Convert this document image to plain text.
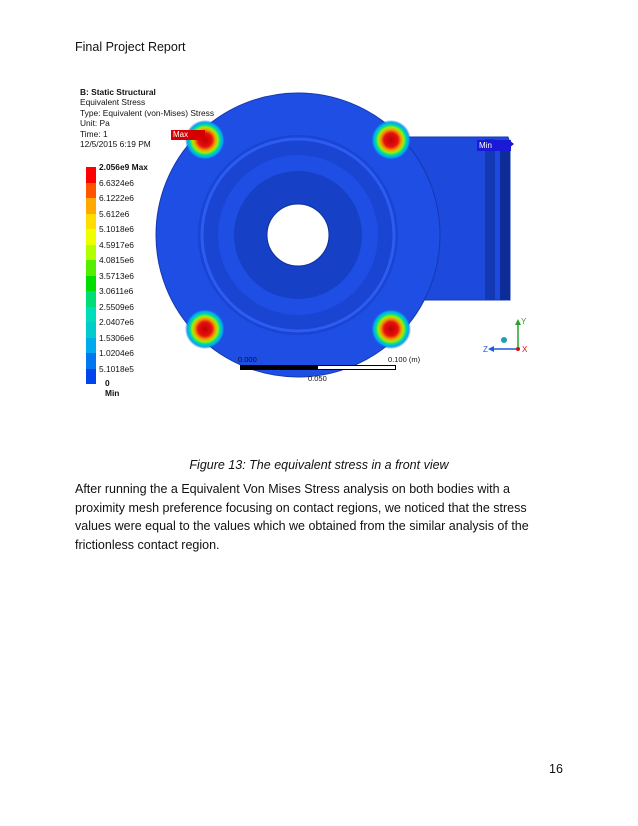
Final Project Report
B: Static Structural
Equivalent Stress
Type: Equivalent (von-Mises) Stress
Unit: Pa
Time: 1
12/5/2015 6:19 PM
2.056e9 Max
6.6324e6
6.1222e6
5.612e6
5.1018e6
4.5917e6
4.0815e6
3.5713e6
3.0611e6
2.5509e6
2.0407e6
1.5306e6
1.0204e6
5.1018e5
0 Min
Max
Min
0.000	0.100 (m)
0.050
Y
Z	X
Figure 13: The equivalent stress in a front view
After running the a Equivalent Von Mises Stress analysis on both bodies with a proximity mesh preference focusing on contact regions, we noticed that the stress values were equal to the values which we obtained from the similar analysis of the frictionless contact region.
16
